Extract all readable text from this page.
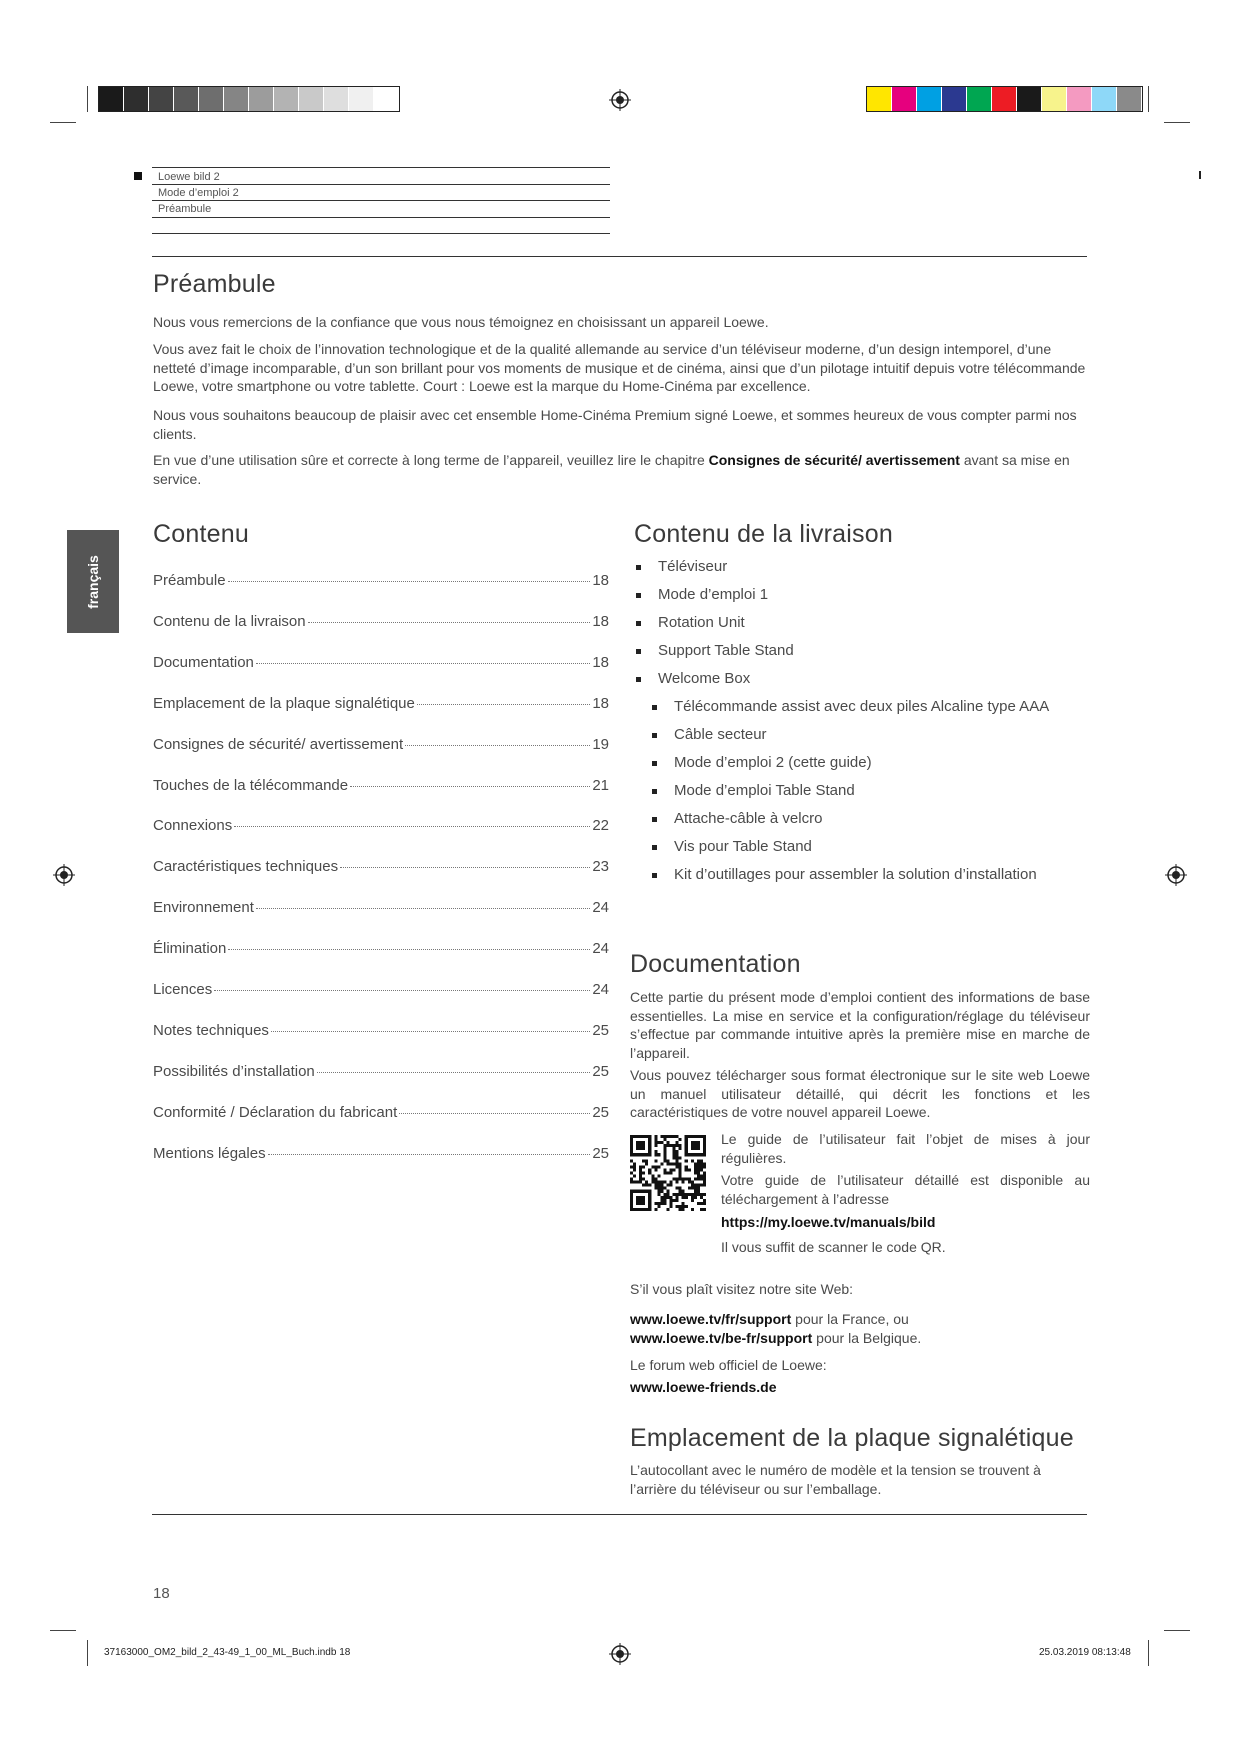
Loewe bild 2
Mode d’emploi 2
Préambule
français
Préambule

Nous vous remercions de la confiance que vous nous témoignez en choisissant un appareil Loewe.

Vous avez fait le choix de l’innovation technologique et de la qualité allemande au service d’un téléviseur moderne, d’un design intemporel, d’une netteté d’image incomparable, d’un son brillant pour vos moments de musique et de cinéma, ainsi que d’un pilotage intuitif depuis votre télécommande Loewe, votre smartphone ou votre tablette. Court : Loewe est la marque du Home-Cinéma par excellence.

Nous vous souhaitons beaucoup de plaisir avec cet ensemble Home-Cinéma Premium signé Loewe, et sommes heureux de vous compter parmi nos clients.

En vue d’une utilisation sûre et correcte à long terme de l’appareil, veuillez lire le chapitre Consignes de sécurité/ avertissement avant sa mise en service.

Contenu
Préambule	18
Contenu de la livraison	18
Documentation	18
Emplacement de la plaque signalétique	18
Consignes de sécurité/ avertissement	19
Touches de la télécommande	21
Connexions	22
Caractéristiques techniques	23
Environnement	24
Élimination	24
Licences	24
Notes techniques	25
Possibilités d’installation	25
Conformité / Déclaration du fabricant	25
Mentions légales	25
Contenu de la livraison
Téléviseur
Mode d’emploi 1
Rotation Unit
Support Table Stand
Welcome Box
Télécommande assist avec deux piles Alcaline type AAA
Câble secteur
Mode d’emploi 2 (cette guide)
Mode d’emploi Table Stand
Attache-câble à velcro
Vis pour Table Stand
Kit d’outillages pour assembler la solution d’installation
Documentation

Cette partie du présent mode d’emploi contient des informations de base essentielles. La mise en service et la configuration/réglage du téléviseur s’effectue par commande intuitive après la première mise en marche de l’appareil.

Vous pouvez télécharger sous format électronique sur le site web Loewe un manuel utilisateur détaillé, qui décrit les fonctions et les caractéristiques de votre nouvel appareil Loewe.

Le guide de l’utilisateur fait l’objet de mises à jour régulières.

Votre guide de l’utilisateur détaillé est disponible au téléchargement à l’adresse

https://my.loewe.tv/manuals/bild

Il vous suffit de scanner le code QR.

S’il vous plaît visitez notre site Web:

www.loewe.tv/fr/support pour la France, ou
www.loewe.tv/be-fr/support pour la Belgique.

Le forum web officiel de Loewe:

www.loewe-friends.de

Emplacement de la plaque signalétique

L’autocollant avec le numéro de modèle et la tension se trouvent à l’arrière du téléviseur ou sur l’emballage.

18
37163000_OM2_bild_2_43-49_1_00_ML_Buch.indb 18	25.03.2019 08:13:48
